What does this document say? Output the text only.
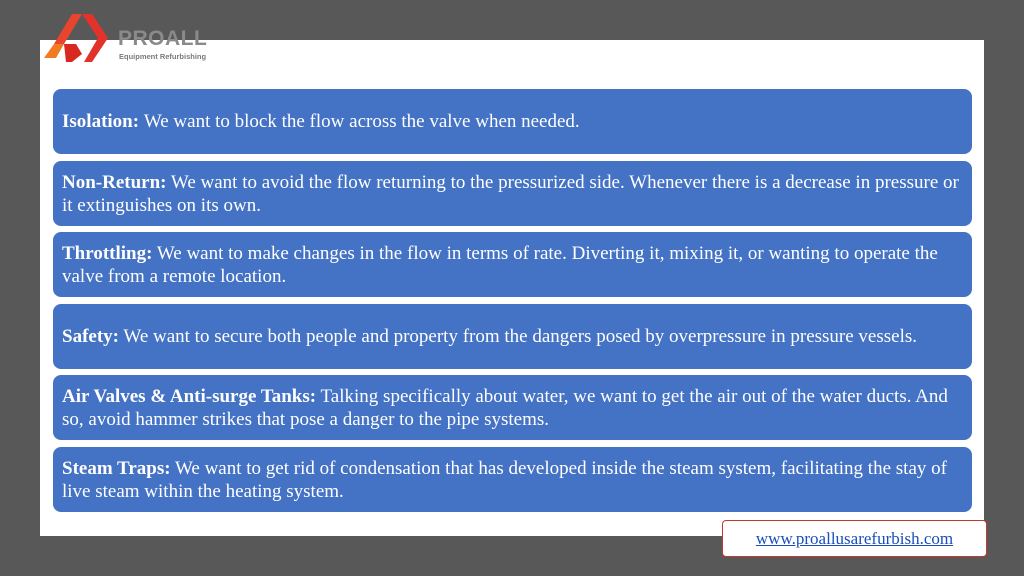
PROALL
Equipment Refurbishing

Isolation: We want to block the flow across the valve when needed.

Non-Return: We want to avoid the flow returning to the pressurized side. Whenever there is a decrease in pressure or it extinguishes on its own.

Throttling: We want to make changes in the flow in terms of rate. Diverting it, mixing it, or wanting to operate the valve from a remote location.

Safety: We want to secure both people and property from the dangers posed by overpressure in pressure vessels.

Air Valves & Anti-surge Tanks: Talking specifically about water, we want to get the air out of the water ducts. And so, avoid hammer strikes that pose a danger to the pipe systems.

Steam Traps: We want to get rid of condensation that has developed inside the steam system, facilitating the stay of live steam within the heating system.

www.proallusarefurbish.com
